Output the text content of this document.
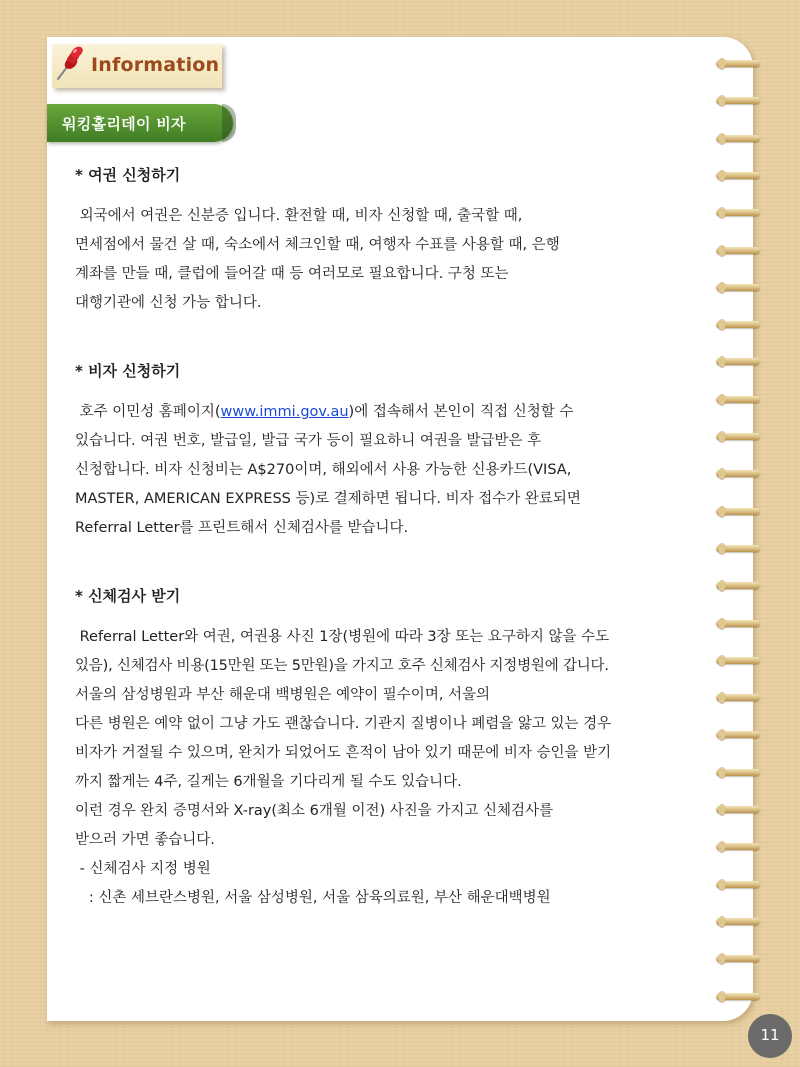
Information
워킹홀리데이 비자
* 여권 신청하기

외국에서 여권은 신분증 입니다. 환전할 때, 비자 신청할 때, 출국할 때,
면세점에서 물건 살 때, 숙소에서 체크인할 때, 여행자 수표를 사용할 때, 은행
계좌를 만들 때, 클럽에 들어갈 때 등 여러모로 필요합니다. 구청 또는
대행기관에 신청 가능 합니다.

* 비자 신청하기

호주 이민성 홈페이지(www.immi.gov.au)에 접속해서 본인이 직접 신청할 수
있습니다. 여권 번호, 발급일, 발급 국가 등이 필요하니 여권을 발급받은 후
신청합니다. 비자 신청비는 A$270이며, 해외에서 사용 가능한 신용카드(VISA,
MASTER, AMERICAN EXPRESS 등)로 결제하면 됩니다. 비자 접수가 완료되면
Referral Letter를 프린트해서 신체검사를 받습니다.

* 신체검사 받기

Referral Letter와 여권, 여권용 사진 1장(병원에 따라 3장 또는 요구하지 않을 수도
있음), 신체검사 비용(15만원 또는 5만원)을 가지고 호주 신체검사 지정병원에 갑니다.
서울의 삼성병원과 부산 해운대 백병원은 예약이 필수이며, 서울의
다른 병원은 예약 없이 그냥 가도 괜찮습니다. 기관지 질병이나 폐렴을 앓고 있는 경우
비자가 거절될 수 있으며, 완치가 되었어도 흔적이 남아 있기 때문에 비자 승인을 받기
까지 짧게는 4주, 길게는 6개월을 기다리게 될 수도 있습니다.
이런 경우 완치 증명서와 X-ray(최소 6개월 이전) 사진을 가지고 신체검사를
받으러 가면 좋습니다.
- 신체검사 지정 병원
: 신촌 세브란스병원, 서울 삼성병원, 서울 삼육의료원, 부산 해운대백병원

11
